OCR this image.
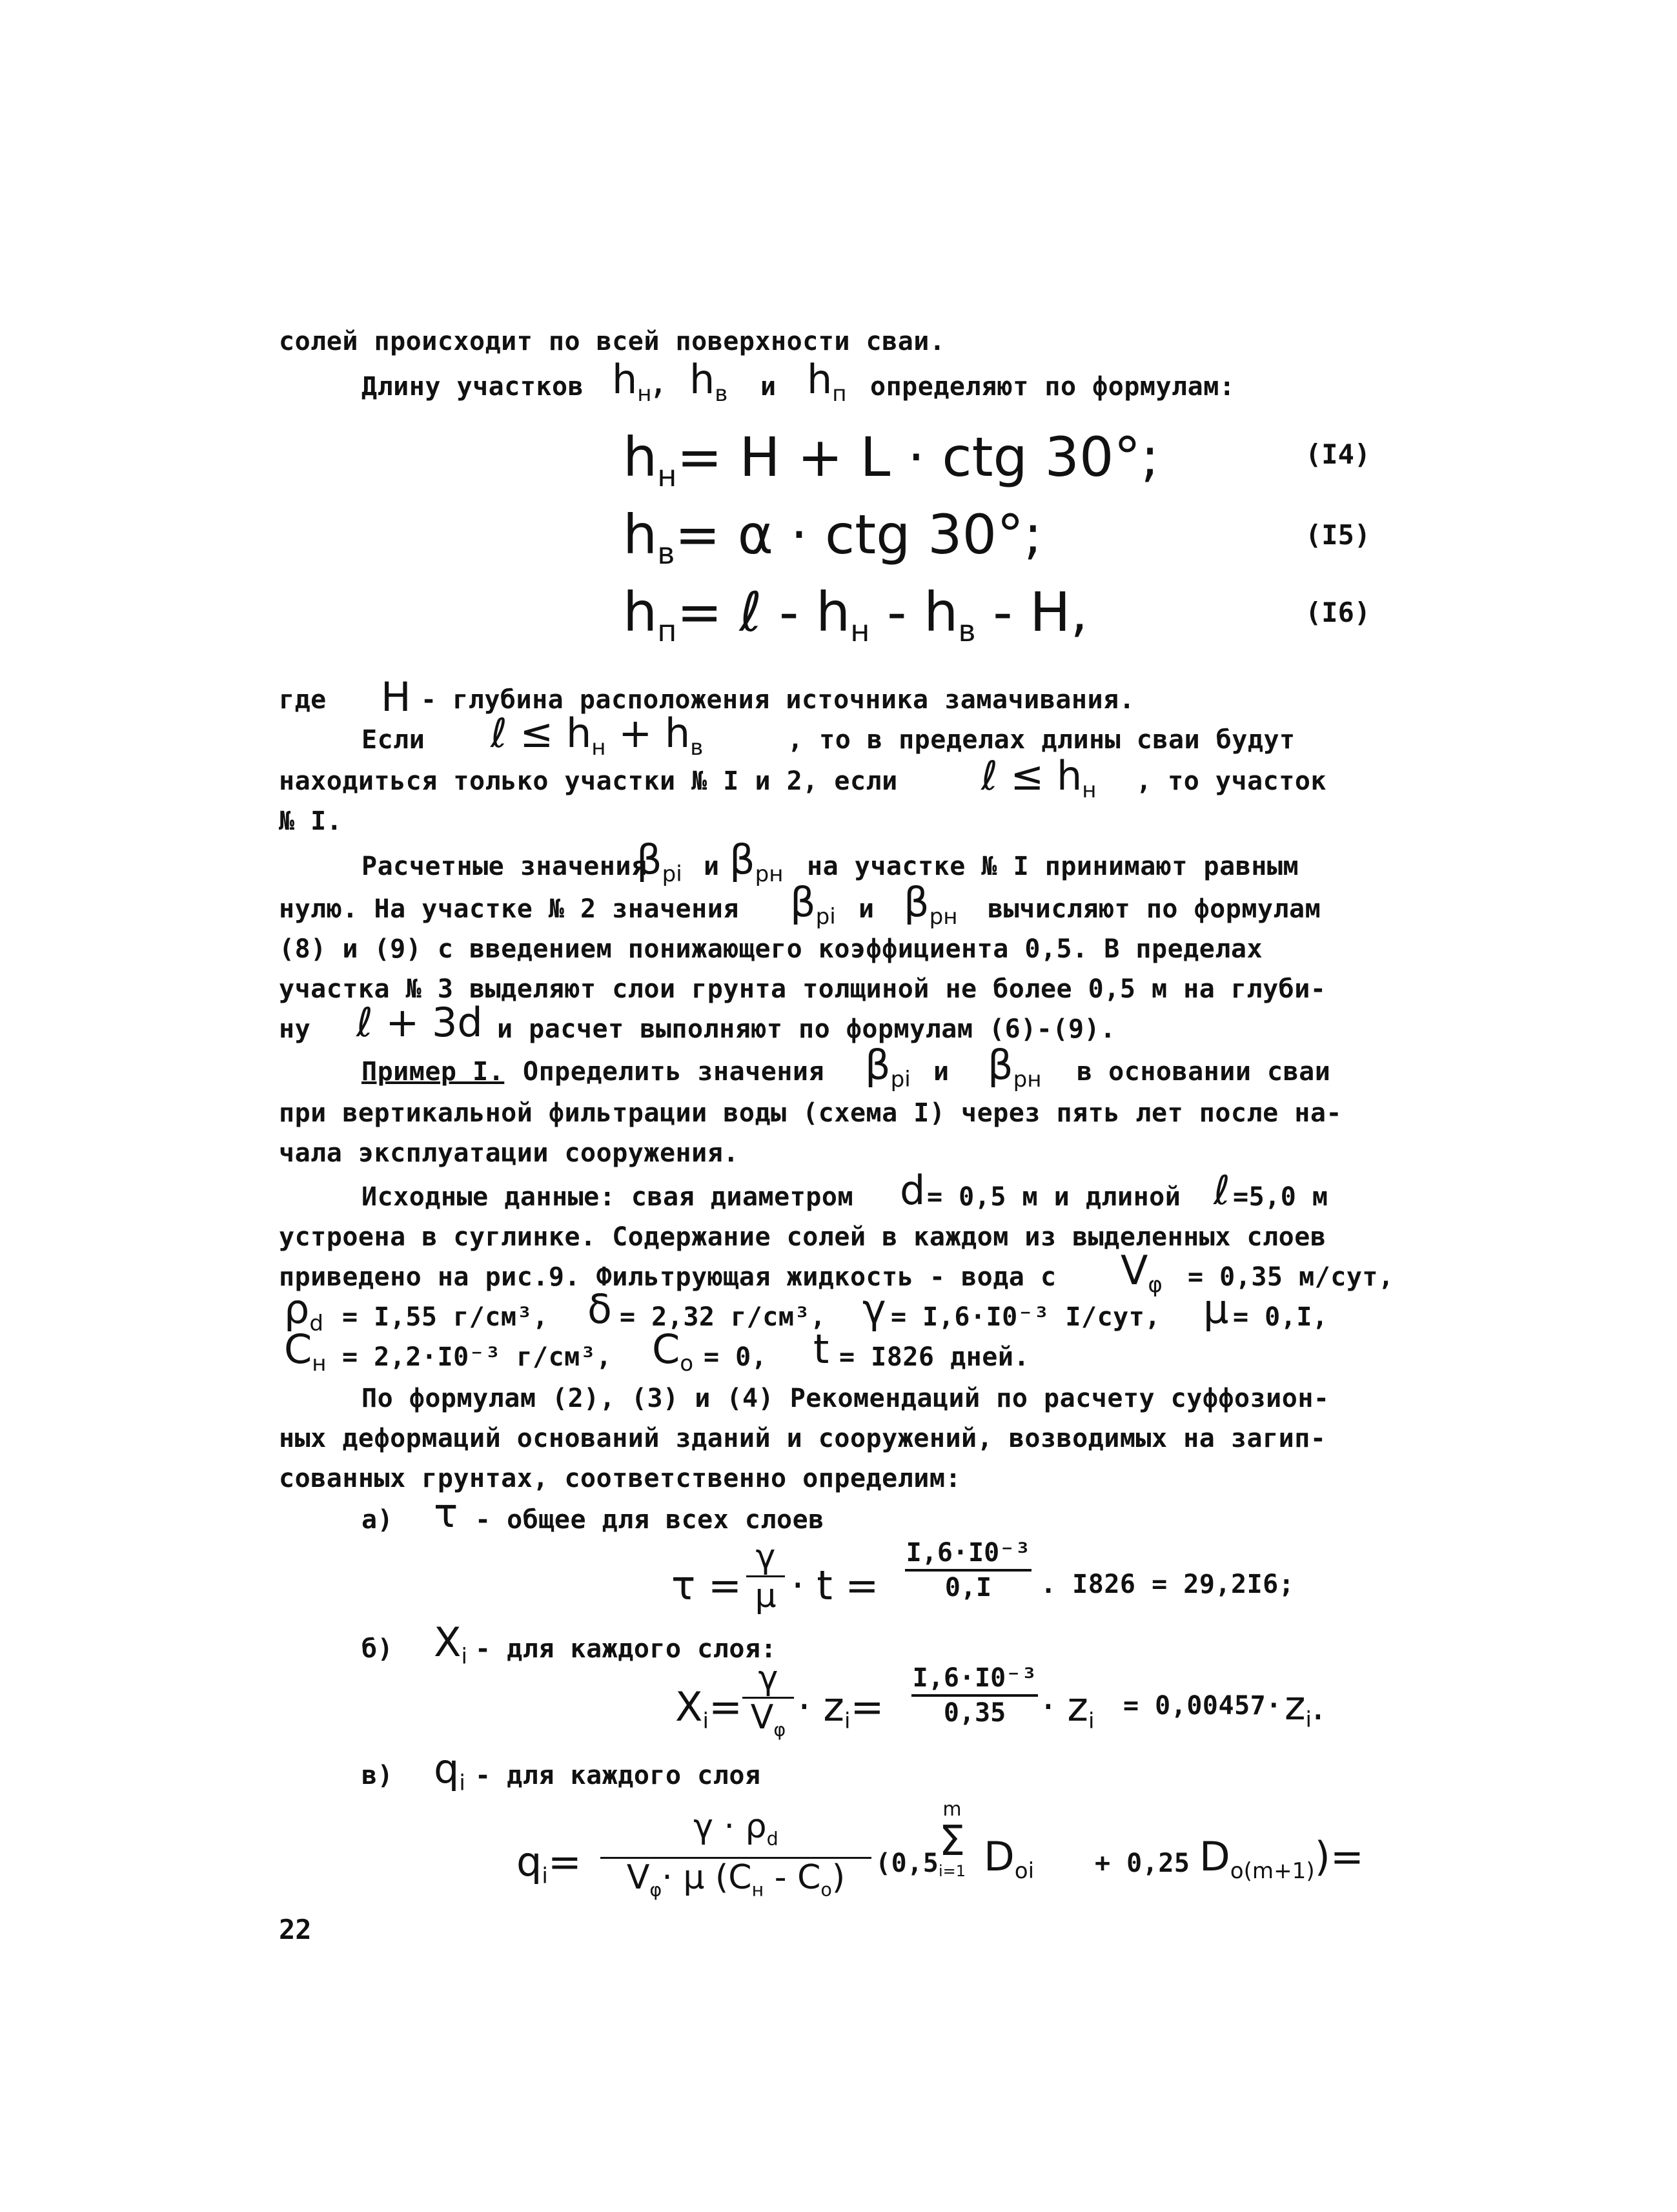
солей происходит по всей поверхности сваи.
Длину участков $h_н$, $h_в$ и $h_п$ определяют по формулам:
$h_н= H + L$ · ctg 30°;	(I4)
$h_в= \alpha$ · ctg 30°;	(I5)
$h_п=$ ℓ - $h_н - h_в$ - H,	(I6)
где H - глубина расположения источника замачивания.
Если ℓ ≤ $h_н + h_в$	, то в пределах длины сваи будут
находиться только участки № I и 2, если ℓ ≤ $h_н$ , то участок
№ I.
Расчетные значения
$\beta_{pi}$ и $\beta_{pн}$ на участке № I принимают равным
нулю. На участке № 2 значения $\beta_{pi}$ и $\beta_{pн}$ вычисляют по формулам
(8) и (9) с введением понижающего коэффициента 0,5. В пределах
участка № 3 выделяют слои грунта толщиной не более 0,5 м на глуби-
ну ℓ + 3d и расчет выполняют по формулам (6)-(9).
Пример I. Определить значения $\beta_{pi}$ и $\beta_{pн}$ в основании сваи
при вертикальной фильтрации воды (схема I) через пять лет после на-
чала эксплуатации сооружения.
Исходные данные: свая диаметром d = 0,5 м и длиной ℓ =5,0 м
устроена в суглинке. Содержание солей в каждом из выделенных слоев
приведено на рис.9. Фильтрующая жидкость - вода с $V_\varphi = 0,35$ м/сут,
$\rho_d = I,55$ г/см³, δ = 2,32 г/см³, γ = I,6·I0⁻³ I/сут, μ = 0,I,
$C_н = 2,2\cdot I0^{-3}$ г/см³, $C_o = 0$, t = I826 дней.
По формулам (2), (3) и (4) Рекомендаций по расчету суффозион-
ных деформаций оснований зданий и сооружений, возводимых на загип-
сованных грунтах, соответственно определим:
а) τ - общее для всех слоев
τ =
γ
μ · t =
I,6·I0⁻³
0,I	. I826 = 29,2I6;
б) $X_i$ - для каждого слоя:
$X_i=$
γ
$V_\varphi \cdot z_i=$
I,6·I0⁻³
$0,35 \cdot z_i$
= $0,00457\cdot z_i$.
в) $q_i$ - для каждого слоя
$q_i=$
$\gamma \cdot \rho_d$
$V_\varphi\cdot \mu$ $(C_н - C_o)$	(0,5
m
Σ
i=1 $D_{oi} + 0,25$ $D_{o(m+1)})=$
22
